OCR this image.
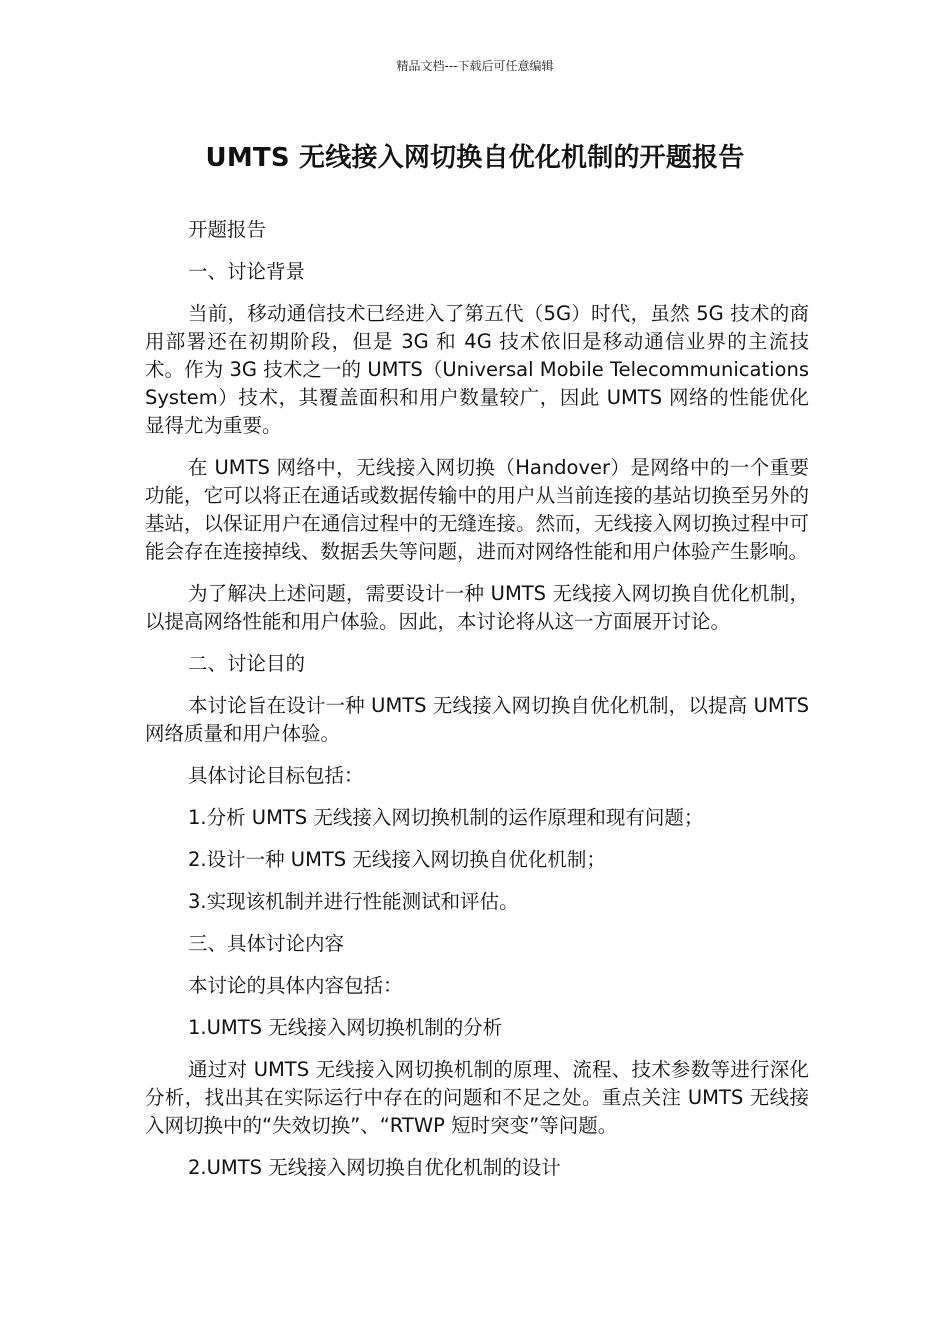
精品文档---下载后可任意编辑
UMTS 无线接入网切换自优化机制的开题报告

开题报告

一、讨论背景

当前，移动通信技术已经进入了第五代（5G）时代，虽然 5G 技术的商用部署还在初期阶段，但是 3G 和 4G 技术依旧是移动通信业界的主流技术。作为 3G 技术之一的 UMTS（Universal Mobile Telecommunications System）技术，其覆盖面积和用户数量较广，因此 UMTS 网络的性能优化显得尤为重要。

在 UMTS 网络中，无线接入网切换（Handover）是网络中的一个重要功能，它可以将正在通话或数据传输中的用户从当前连接的基站切换至另外的基站，以保证用户在通信过程中的无缝连接。然而，无线接入网切换过程中可能会存在连接掉线、数据丢失等问题，进而对网络性能和用户体验产生影响。

为了解决上述问题，需要设计一种 UMTS 无线接入网切换自优化机制，以提高网络性能和用户体验。因此，本讨论将从这一方面展开讨论。

二、讨论目的

本讨论旨在设计一种 UMTS 无线接入网切换自优化机制，以提高 UMTS 网络质量和用户体验。

具体讨论目标包括：

1.分析 UMTS 无线接入网切换机制的运作原理和现有问题；

2.设计一种 UMTS 无线接入网切换自优化机制；

3.实现该机制并进行性能测试和评估。

三、具体讨论内容

本讨论的具体内容包括：

1.UMTS 无线接入网切换机制的分析

通过对 UMTS 无线接入网切换机制的原理、流程、技术参数等进行深化分析，找出其在实际运行中存在的问题和不足之处。重点关注 UMTS 无线接入网切换中的“失效切换”、“RTWP 短时突变”等问题。

2.UMTS 无线接入网切换自优化机制的设计
